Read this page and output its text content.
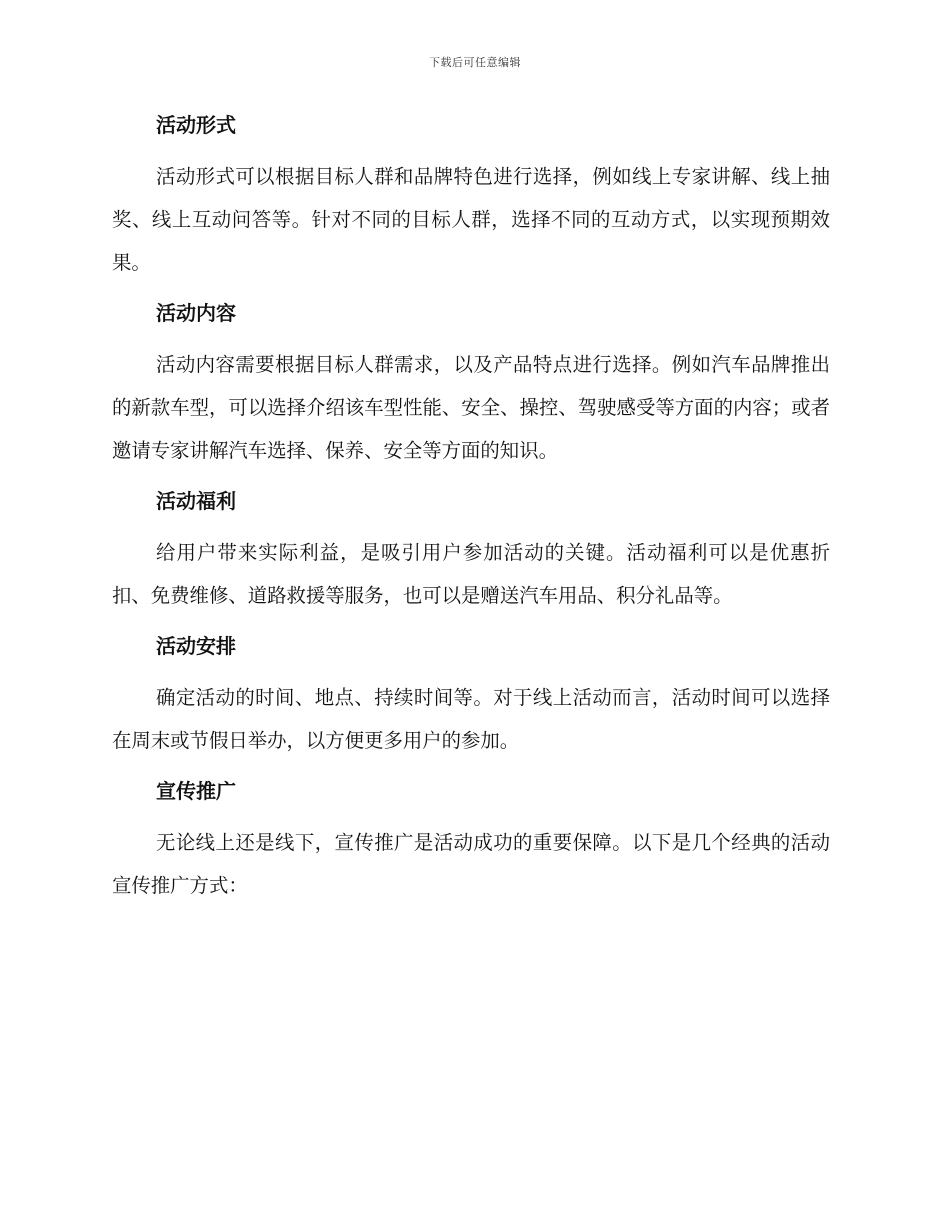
下载后可任意编辑
活动形式

活动形式可以根据目标人群和品牌特色进行选择，例如线上专家讲解、线上抽奖、线上互动问答等。针对不同的目标人群，选择不同的互动方式，以实现预期效果。

活动内容

活动内容需要根据目标人群需求，以及产品特点进行选择。例如汽车品牌推出的新款车型，可以选择介绍该车型性能、安全、操控、驾驶感受等方面的内容；或者邀请专家讲解汽车选择、保养、安全等方面的知识。

活动福利

给用户带来实际利益，是吸引用户参加活动的关键。活动福利可以是优惠折扣、免费维修、道路救援等服务，也可以是赠送汽车用品、积分礼品等。

活动安排

确定活动的时间、地点、持续时间等。对于线上活动而言，活动时间可以选择在周末或节假日举办，以方便更多用户的参加。

宣传推广

无论线上还是线下，宣传推广是活动成功的重要保障。以下是几个经典的活动宣传推广方式：
